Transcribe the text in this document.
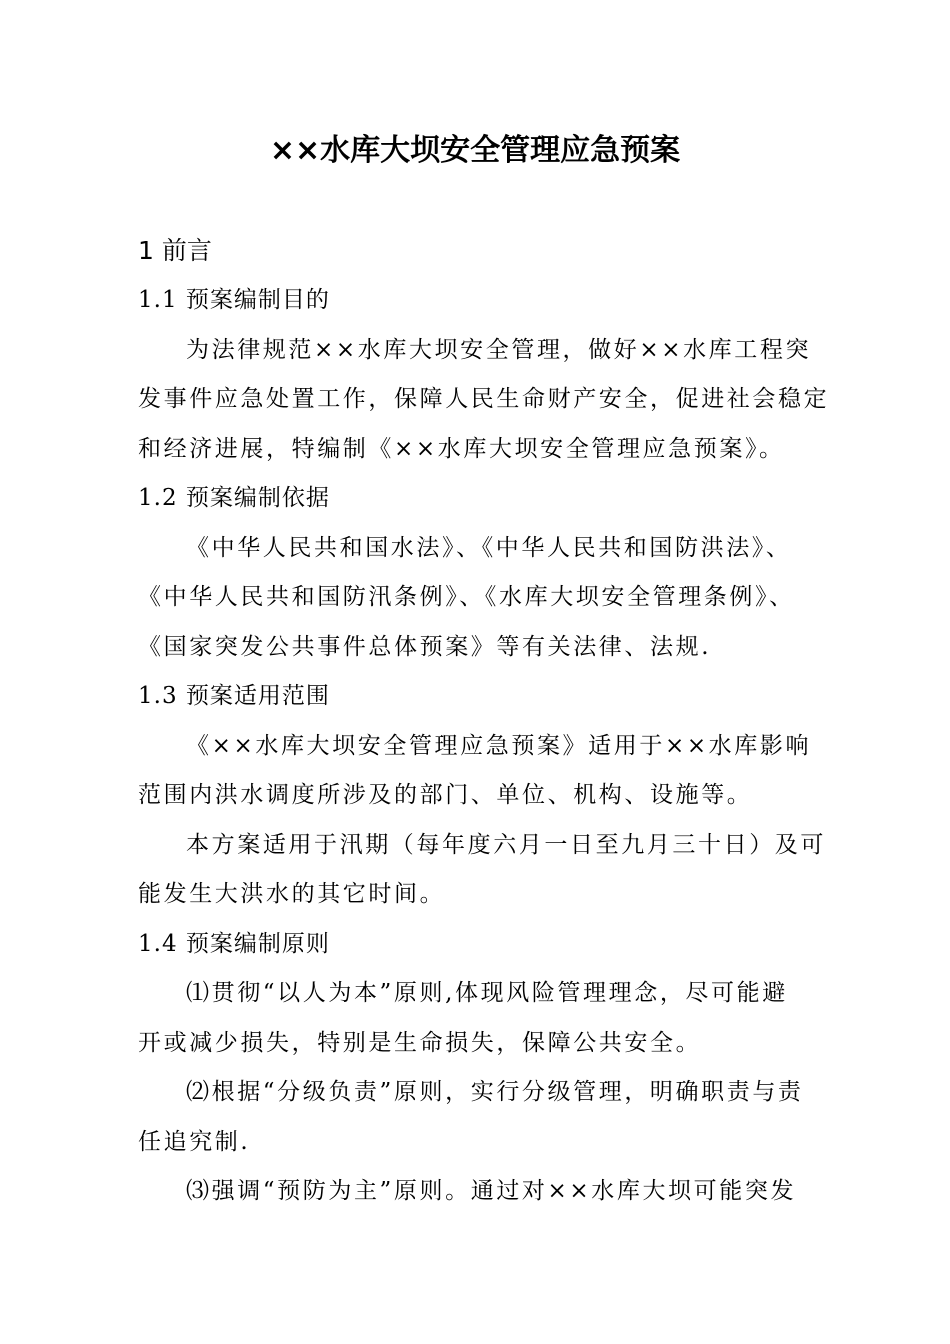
××水库大坝安全管理应急预案
1 前言
1.1 预案编制目的
为法律规范××水库大坝安全管理，做好××水库工程突
发事件应急处置工作，保障人民生命财产安全，促进社会稳定
和经济进展，特编制《××水库大坝安全管理应急预案》。
1.2 预案编制依据
《中华人民共和国水法》、《中华人民共和国防洪法》、
《中华人民共和国防汛条例》、《水库大坝安全管理条例》、
《国家突发公共事件总体预案》等有关法律、法规.
1.3 预案适用范围
《××水库大坝安全管理应急预案》适用于××水库影响
范围内洪水调度所涉及的部门、单位、机构、设施等。
本方案适用于汛期（每年度六月一日至九月三十日）及可
能发生大洪水的其它时间。
1.4 预案编制原则
⑴贯彻“以人为本”原则,体现风险管理理念，尽可能避
开或减少损失，特别是生命损失，保障公共安全。
⑵根据“分级负责”原则，实行分级管理，明确职责与责
任追究制.
⑶强调“预防为主”原则。通过对××水库大坝可能突发
